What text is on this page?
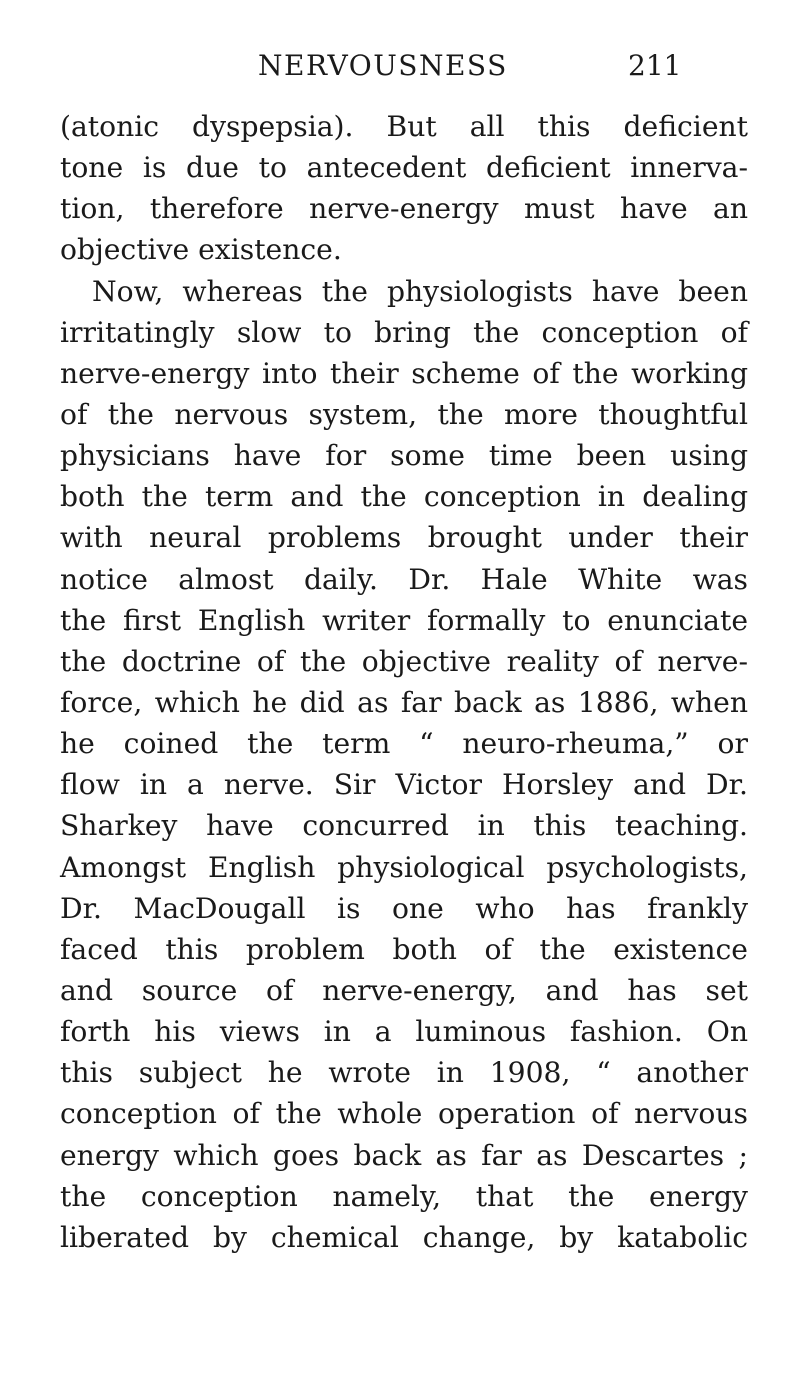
NERVOUSNESS	211
(atonic dyspepsia). But all this deficient
tone is due to antecedent deficient innerva-
tion, therefore nerve-energy must have an
objective existence.
Now, whereas the physiologists have been
irritatingly slow to bring the conception of
nerve-energy into their scheme of the working
of the nervous system, the more thoughtful
physicians have for some time been using
both the term and the conception in dealing
with neural problems brought under their
notice almost daily. Dr. Hale White was
the first English writer formally to enunciate
the doctrine of the objective reality of nerve-
force, which he did as far back as 1886, when
he coined the term “ neuro-rheuma,” or
flow in a nerve. Sir Victor Horsley and Dr.
Sharkey have concurred in this teaching.
Amongst English physiological psychologists,
Dr. MacDougall is one who has frankly
faced this problem both of the existence
and source of nerve-energy, and has set
forth his views in a luminous fashion. On
this subject he wrote in 1908, “ another
conception of the whole operation of nervous
energy which goes back as far as Descartes ;
the conception namely, that the energy
liberated by chemical change, by katabolic
